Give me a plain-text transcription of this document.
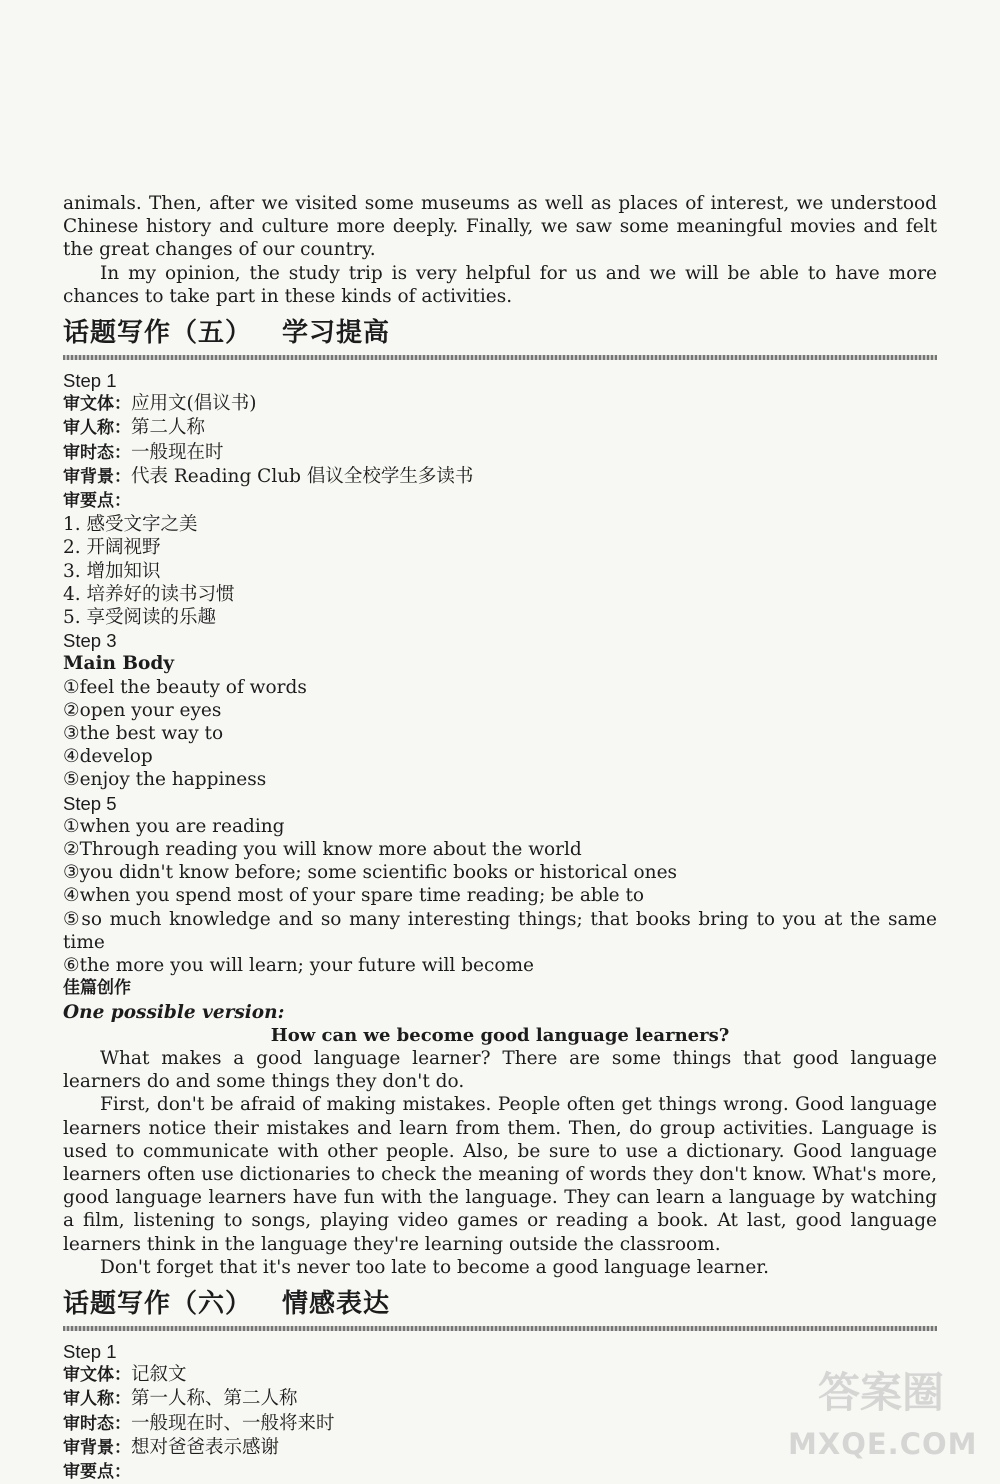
animals. Then, after we visited some museums as well as places of interest, we understood Chinese history and culture more deeply. Finally, we saw some meaningful movies and felt the great changes of our country.

In my opinion, the study trip is very helpful for us and we will be able to have more chances to take part in these kinds of activities.

话题写作（五） 学习提高

Step 1

审文体：应用文(倡议书)

审人称：第二人称

审时态：一般现在时

审背景：代表 Reading Club 倡议全校学生多读书

审要点：

1. 感受文字之美

2. 开阔视野

3. 增加知识

4. 培养好的读书习惯

5. 享受阅读的乐趣

Step 3

Main Body

①feel the beauty of words

②open your eyes

③the best way to

④develop

⑤enjoy the happiness

Step 5

①when you are reading

②Through reading you will know more about the world

③you didn't know before; some scientific books or historical ones

④when you spend most of your spare time reading; be able to

⑤so much knowledge and so many interesting things; that books bring to you at the same time

⑥the more you will learn; your future will become

佳篇创作

One possible version:

How can we become good language learners?

What makes a good language learner? There are some things that good language learners do and some things they don't do.

First, don't be afraid of making mistakes. People often get things wrong. Good language learners notice their mistakes and learn from them. Then, do group activities. Language is used to communicate with other people. Also, be sure to use a dictionary. Good language learners often use dictionaries to check the meaning of words they don't know. What's more, good language learners have fun with the language. They can learn a language by watching a film, listening to songs, playing video games or reading a book. At last, good language learners think in the language they're learning outside the classroom.

Don't forget that it's never too late to become a good language learner.

话题写作（六） 情感表达

Step 1

审文体：记叙文

审人称：第一人称、第二人称

审时态：一般现在时、一般将来时

审背景：想对爸爸表示感谢

审要点：

答案圈
MXQE.COM
